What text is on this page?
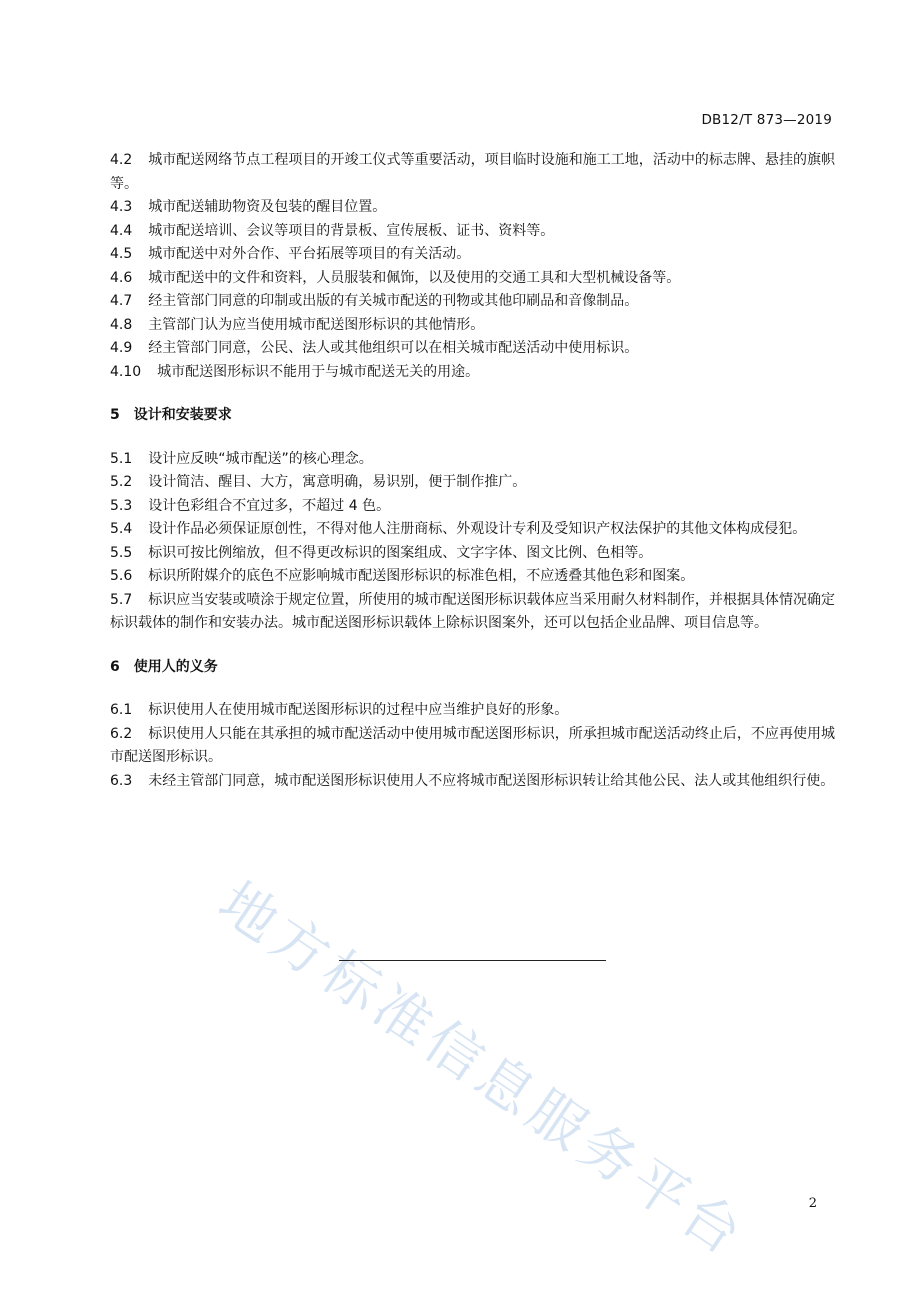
DB12/T 873—2019

4.2 城市配送网络节点工程项目的开竣工仪式等重要活动，项目临时设施和施工工地，活动中的标志牌、悬挂的旗帜等。

4.3 城市配送辅助物资及包装的醒目位置。

4.4 城市配送培训、会议等项目的背景板、宣传展板、证书、资料等。

4.5 城市配送中对外合作、平台拓展等项目的有关活动。

4.6 城市配送中的文件和资料，人员服装和佩饰，以及使用的交通工具和大型机械设备等。

4.7 经主管部门同意的印制或出版的有关城市配送的刊物或其他印刷品和音像制品。

4.8 主管部门认为应当使用城市配送图形标识的其他情形。

4.9 经主管部门同意，公民、法人或其他组织可以在相关城市配送活动中使用标识。

4.10 城市配送图形标识不能用于与城市配送无关的用途。

5 设计和安装要求

5.1 设计应反映“城市配送”的核心理念。

5.2 设计简洁、醒目、大方，寓意明确，易识别，便于制作推广。

5.3 设计色彩组合不宜过多，不超过 4 色。

5.4 设计作品必须保证原创性，不得对他人注册商标、外观设计专利及受知识产权法保护的其他文体构成侵犯。

5.5 标识可按比例缩放，但不得更改标识的图案组成、文字字体、图文比例、色相等。

5.6 标识所附媒介的底色不应影响城市配送图形标识的标准色相，不应透叠其他色彩和图案。

5.7 标识应当安装或喷涂于规定位置，所使用的城市配送图形标识载体应当采用耐久材料制作，并根据具体情况确定标识载体的制作和安装办法。城市配送图形标识载体上除标识图案外，还可以包括企业品牌、项目信息等。

6 使用人的义务

6.1 标识使用人在使用城市配送图形标识的过程中应当维护良好的形象。

6.2 标识使用人只能在其承担的城市配送活动中使用城市配送图形标识，所承担城市配送活动终止后，不应再使用城市配送图形标识。

6.3 未经主管部门同意，城市配送图形标识使用人不应将城市配送图形标识转让给其他公民、法人或其他组织行使。

地方标准信息服务平台	2
